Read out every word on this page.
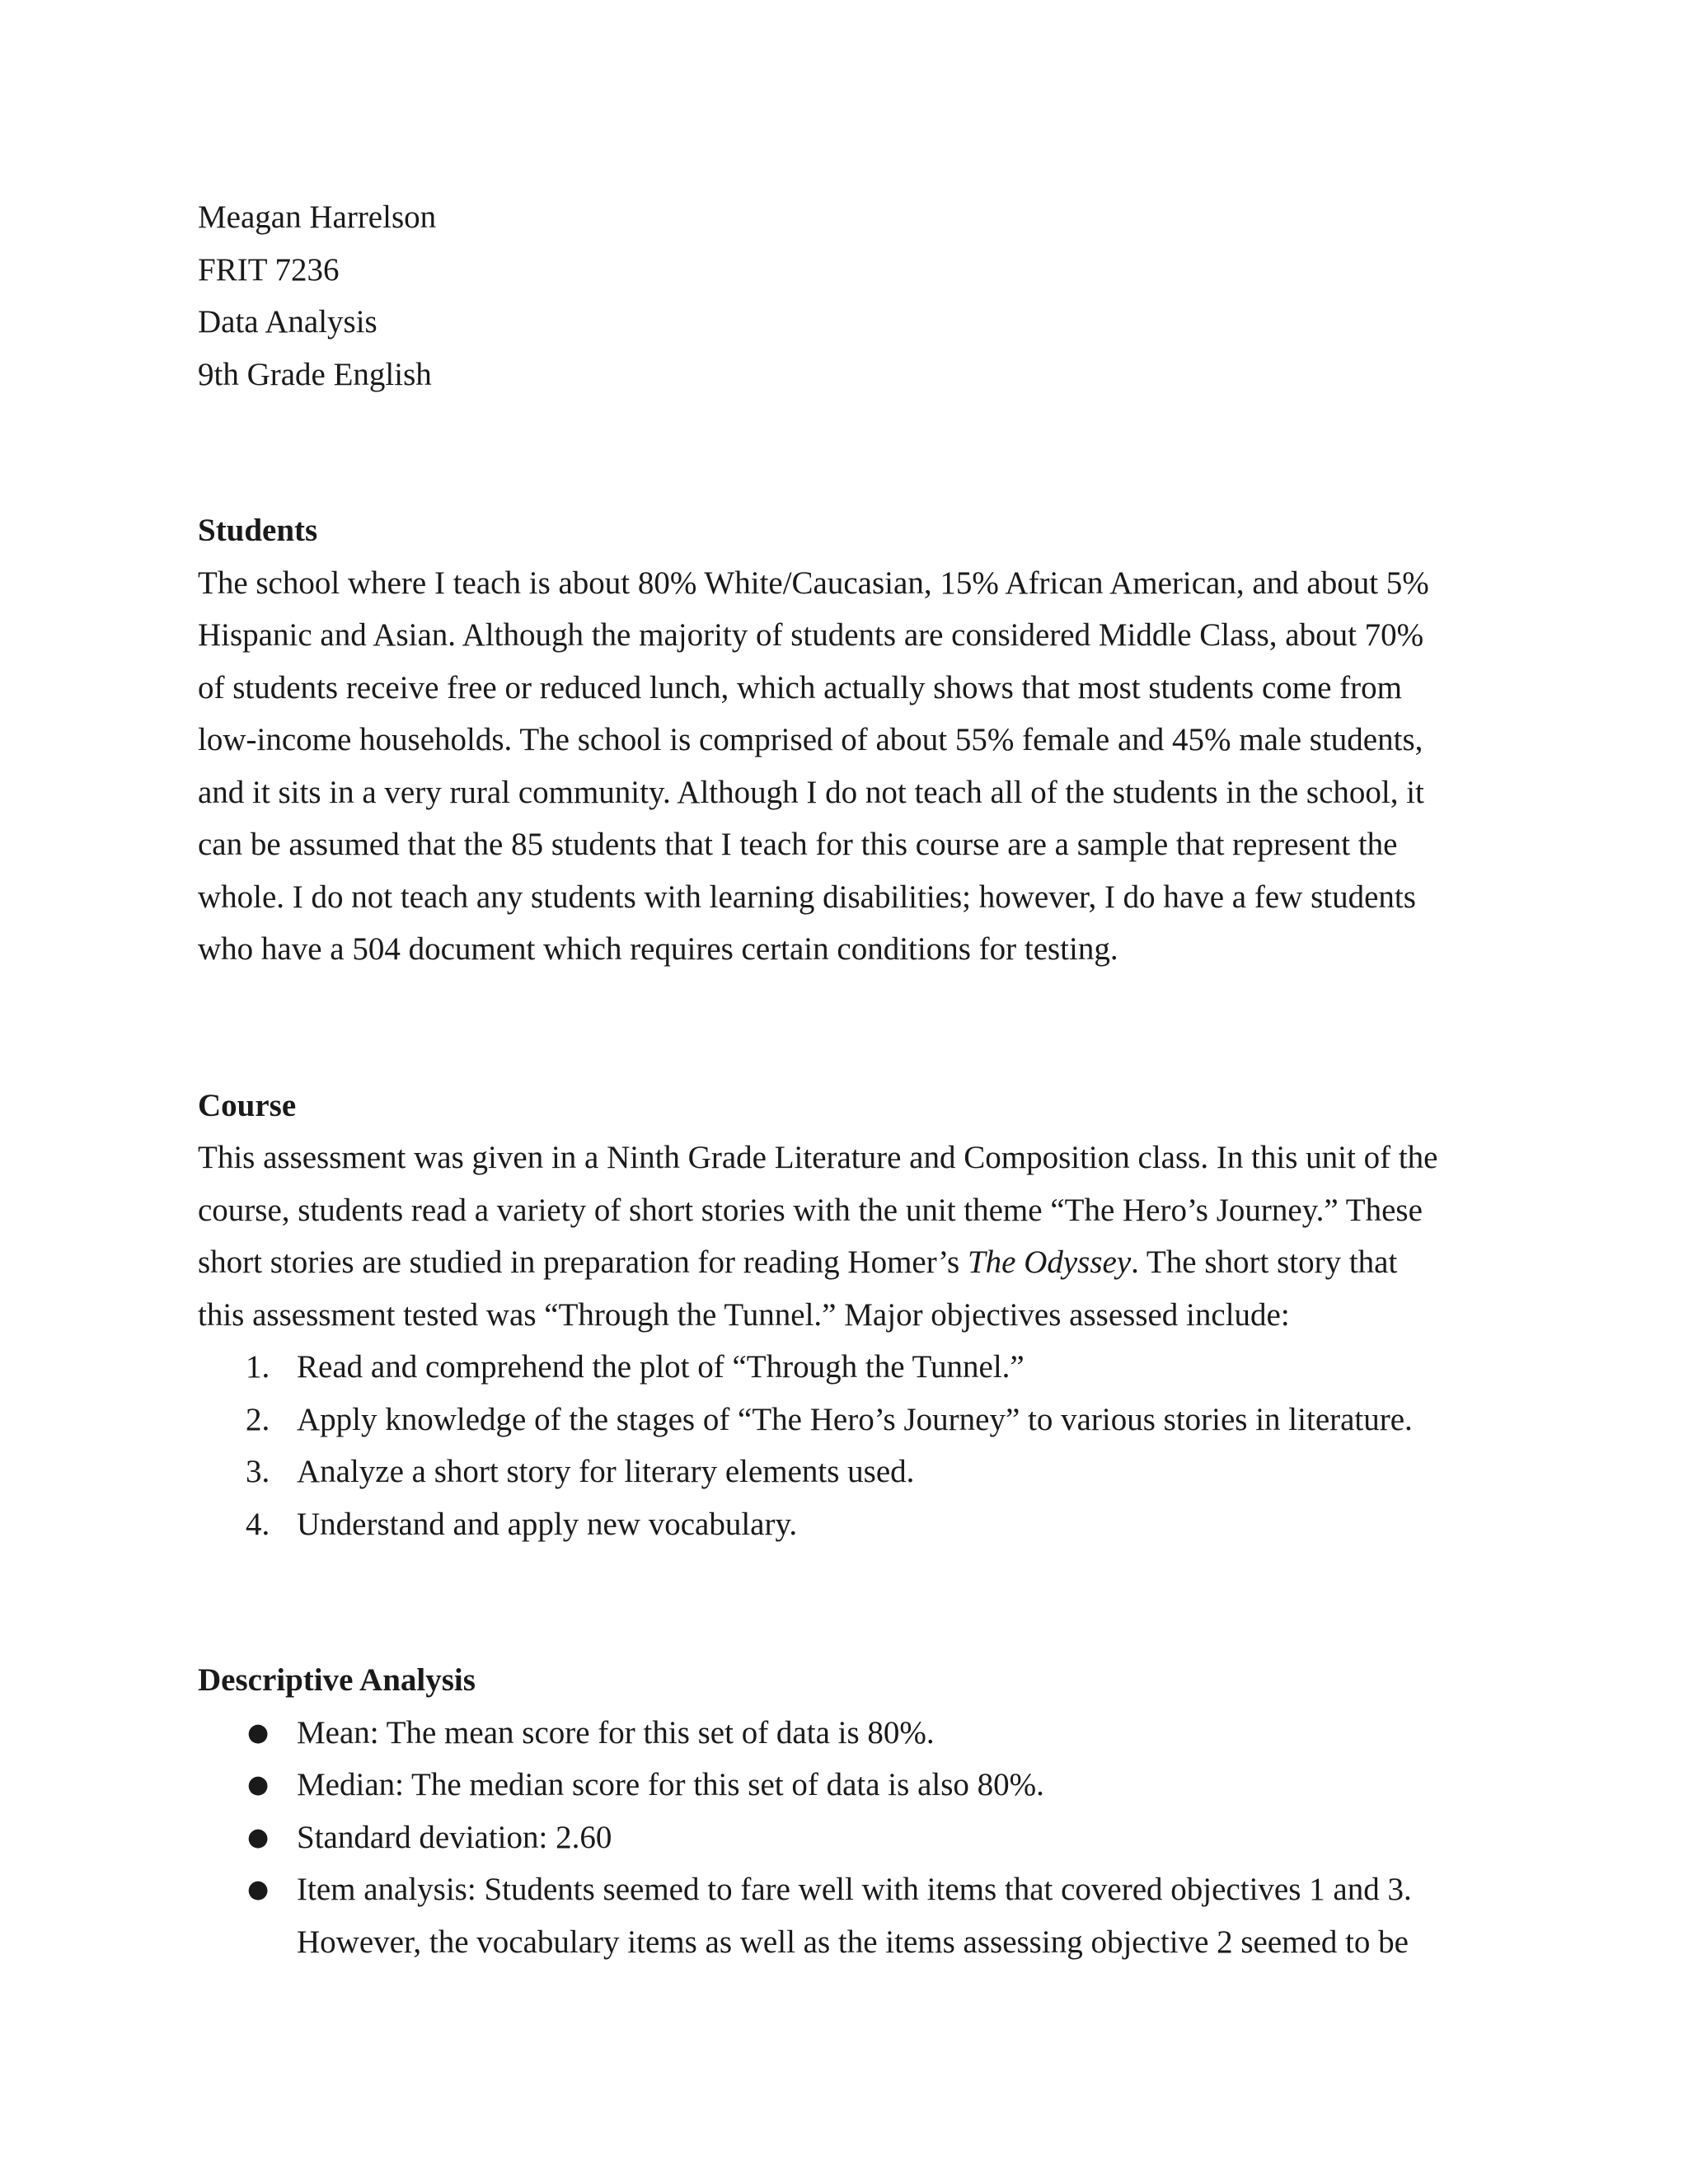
Meagan Harrelson
FRIT 7236
Data Analysis
9th Grade English
Students
The school where I teach is about 80% White/Caucasian, 15% African American, and about 5%
Hispanic and Asian. Although the majority of students are considered Middle Class, about 70%
of students receive free or reduced lunch, which actually shows that most students come from
low-income households. The school is comprised of about 55% female and 45% male students,
and it sits in a very rural community. Although I do not teach all of the students in the school, it
can be assumed that the 85 students that I teach for this course are a sample that represent the
whole. I do not teach any students with learning disabilities; however, I do have a few students
who have a 504 document which requires certain conditions for testing.
Course
This assessment was given in a Ninth Grade Literature and Composition class. In this unit of the
course, students read a variety of short stories with the unit theme “The Hero’s Journey.” These
short stories are studied in preparation for reading Homer’s The Odyssey. The short story that
this assessment tested was “Through the Tunnel.” Major objectives assessed include:
1. Read and comprehend the plot of “Through the Tunnel.”
2. Apply knowledge of the stages of “The Hero’s Journey” to various stories in literature.
3. Analyze a short story for literary elements used.
4. Understand and apply new vocabulary.
Descriptive Analysis
● Mean: The mean score for this set of data is 80%.
● Median: The median score for this set of data is also 80%.
● Standard deviation: 2.60
● Item analysis: Students seemed to fare well with items that covered objectives 1 and 3.
However, the vocabulary items as well as the items assessing objective 2 seemed to be
